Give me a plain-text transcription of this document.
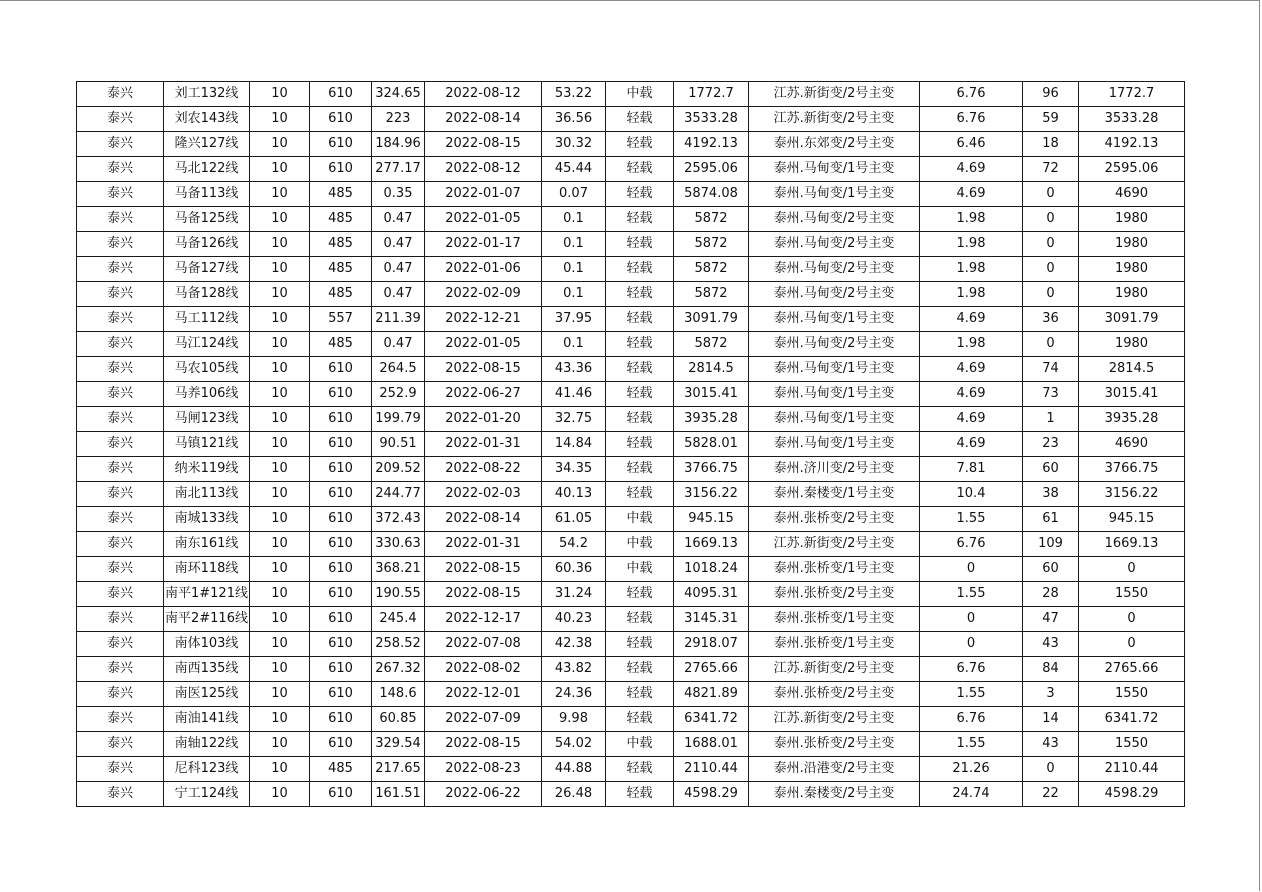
泰兴	刘工132线	10	610	324.65	2022-08-12	53.22	中载	1772.7	江苏.新街变/2号主变	6.76	96	1772.7
泰兴	刘农143线	10	610	223	2022-08-14	36.56	轻载	3533.28	江苏.新街变/2号主变	6.76	59	3533.28
泰兴	隆兴127线	10	610	184.96	2022-08-15	30.32	轻载	4192.13	泰州.东郊变/2号主变	6.46	18	4192.13
泰兴	马北122线	10	610	277.17	2022-08-12	45.44	轻载	2595.06	泰州.马甸变/1号主变	4.69	72	2595.06
泰兴	马备113线	10	485	0.35	2022-01-07	0.07	轻载	5874.08	泰州.马甸变/1号主变	4.69	0	4690
泰兴	马备125线	10	485	0.47	2022-01-05	0.1	轻载	5872	泰州.马甸变/2号主变	1.98	0	1980
泰兴	马备126线	10	485	0.47	2022-01-17	0.1	轻载	5872	泰州.马甸变/2号主变	1.98	0	1980
泰兴	马备127线	10	485	0.47	2022-01-06	0.1	轻载	5872	泰州.马甸变/2号主变	1.98	0	1980
泰兴	马备128线	10	485	0.47	2022-02-09	0.1	轻载	5872	泰州.马甸变/2号主变	1.98	0	1980
泰兴	马工112线	10	557	211.39	2022-12-21	37.95	轻载	3091.79	泰州.马甸变/1号主变	4.69	36	3091.79
泰兴	马江124线	10	485	0.47	2022-01-05	0.1	轻载	5872	泰州.马甸变/2号主变	1.98	0	1980
泰兴	马农105线	10	610	264.5	2022-08-15	43.36	轻载	2814.5	泰州.马甸变/1号主变	4.69	74	2814.5
泰兴	马养106线	10	610	252.9	2022-06-27	41.46	轻载	3015.41	泰州.马甸变/1号主变	4.69	73	3015.41
泰兴	马闸123线	10	610	199.79	2022-01-20	32.75	轻载	3935.28	泰州.马甸变/1号主变	4.69	1	3935.28
泰兴	马镇121线	10	610	90.51	2022-01-31	14.84	轻载	5828.01	泰州.马甸变/1号主变	4.69	23	4690
泰兴	纳米119线	10	610	209.52	2022-08-22	34.35	轻载	3766.75	泰州.济川变/2号主变	7.81	60	3766.75
泰兴	南北113线	10	610	244.77	2022-02-03	40.13	轻载	3156.22	泰州.秦楼变/1号主变	10.4	38	3156.22
泰兴	南城133线	10	610	372.43	2022-08-14	61.05	中载	945.15	泰州.张桥变/2号主变	1.55	61	945.15
泰兴	南东161线	10	610	330.63	2022-01-31	54.2	中载	1669.13	江苏.新街变/2号主变	6.76	109	1669.13
泰兴	南环118线	10	610	368.21	2022-08-15	60.36	中载	1018.24	泰州.张桥变/1号主变	0	60	0
泰兴	南平1#121线	10	610	190.55	2022-08-15	31.24	轻载	4095.31	泰州.张桥变/2号主变	1.55	28	1550
泰兴	南平2#116线	10	610	245.4	2022-12-17	40.23	轻载	3145.31	泰州.张桥变/1号主变	0	47	0
泰兴	南体103线	10	610	258.52	2022-07-08	42.38	轻载	2918.07	泰州.张桥变/1号主变	0	43	0
泰兴	南西135线	10	610	267.32	2022-08-02	43.82	轻载	2765.66	江苏.新街变/2号主变	6.76	84	2765.66
泰兴	南医125线	10	610	148.6	2022-12-01	24.36	轻载	4821.89	泰州.张桥变/2号主变	1.55	3	1550
泰兴	南油141线	10	610	60.85	2022-07-09	9.98	轻载	6341.72	江苏.新街变/2号主变	6.76	14	6341.72
泰兴	南轴122线	10	610	329.54	2022-08-15	54.02	中载	1688.01	泰州.张桥变/2号主变	1.55	43	1550
泰兴	尼科123线	10	485	217.65	2022-08-23	44.88	轻载	2110.44	泰州.沿港变/2号主变	21.26	0	2110.44
泰兴	宁工124线	10	610	161.51	2022-06-22	26.48	轻载	4598.29	泰州.秦楼变/2号主变	24.74	22	4598.29
